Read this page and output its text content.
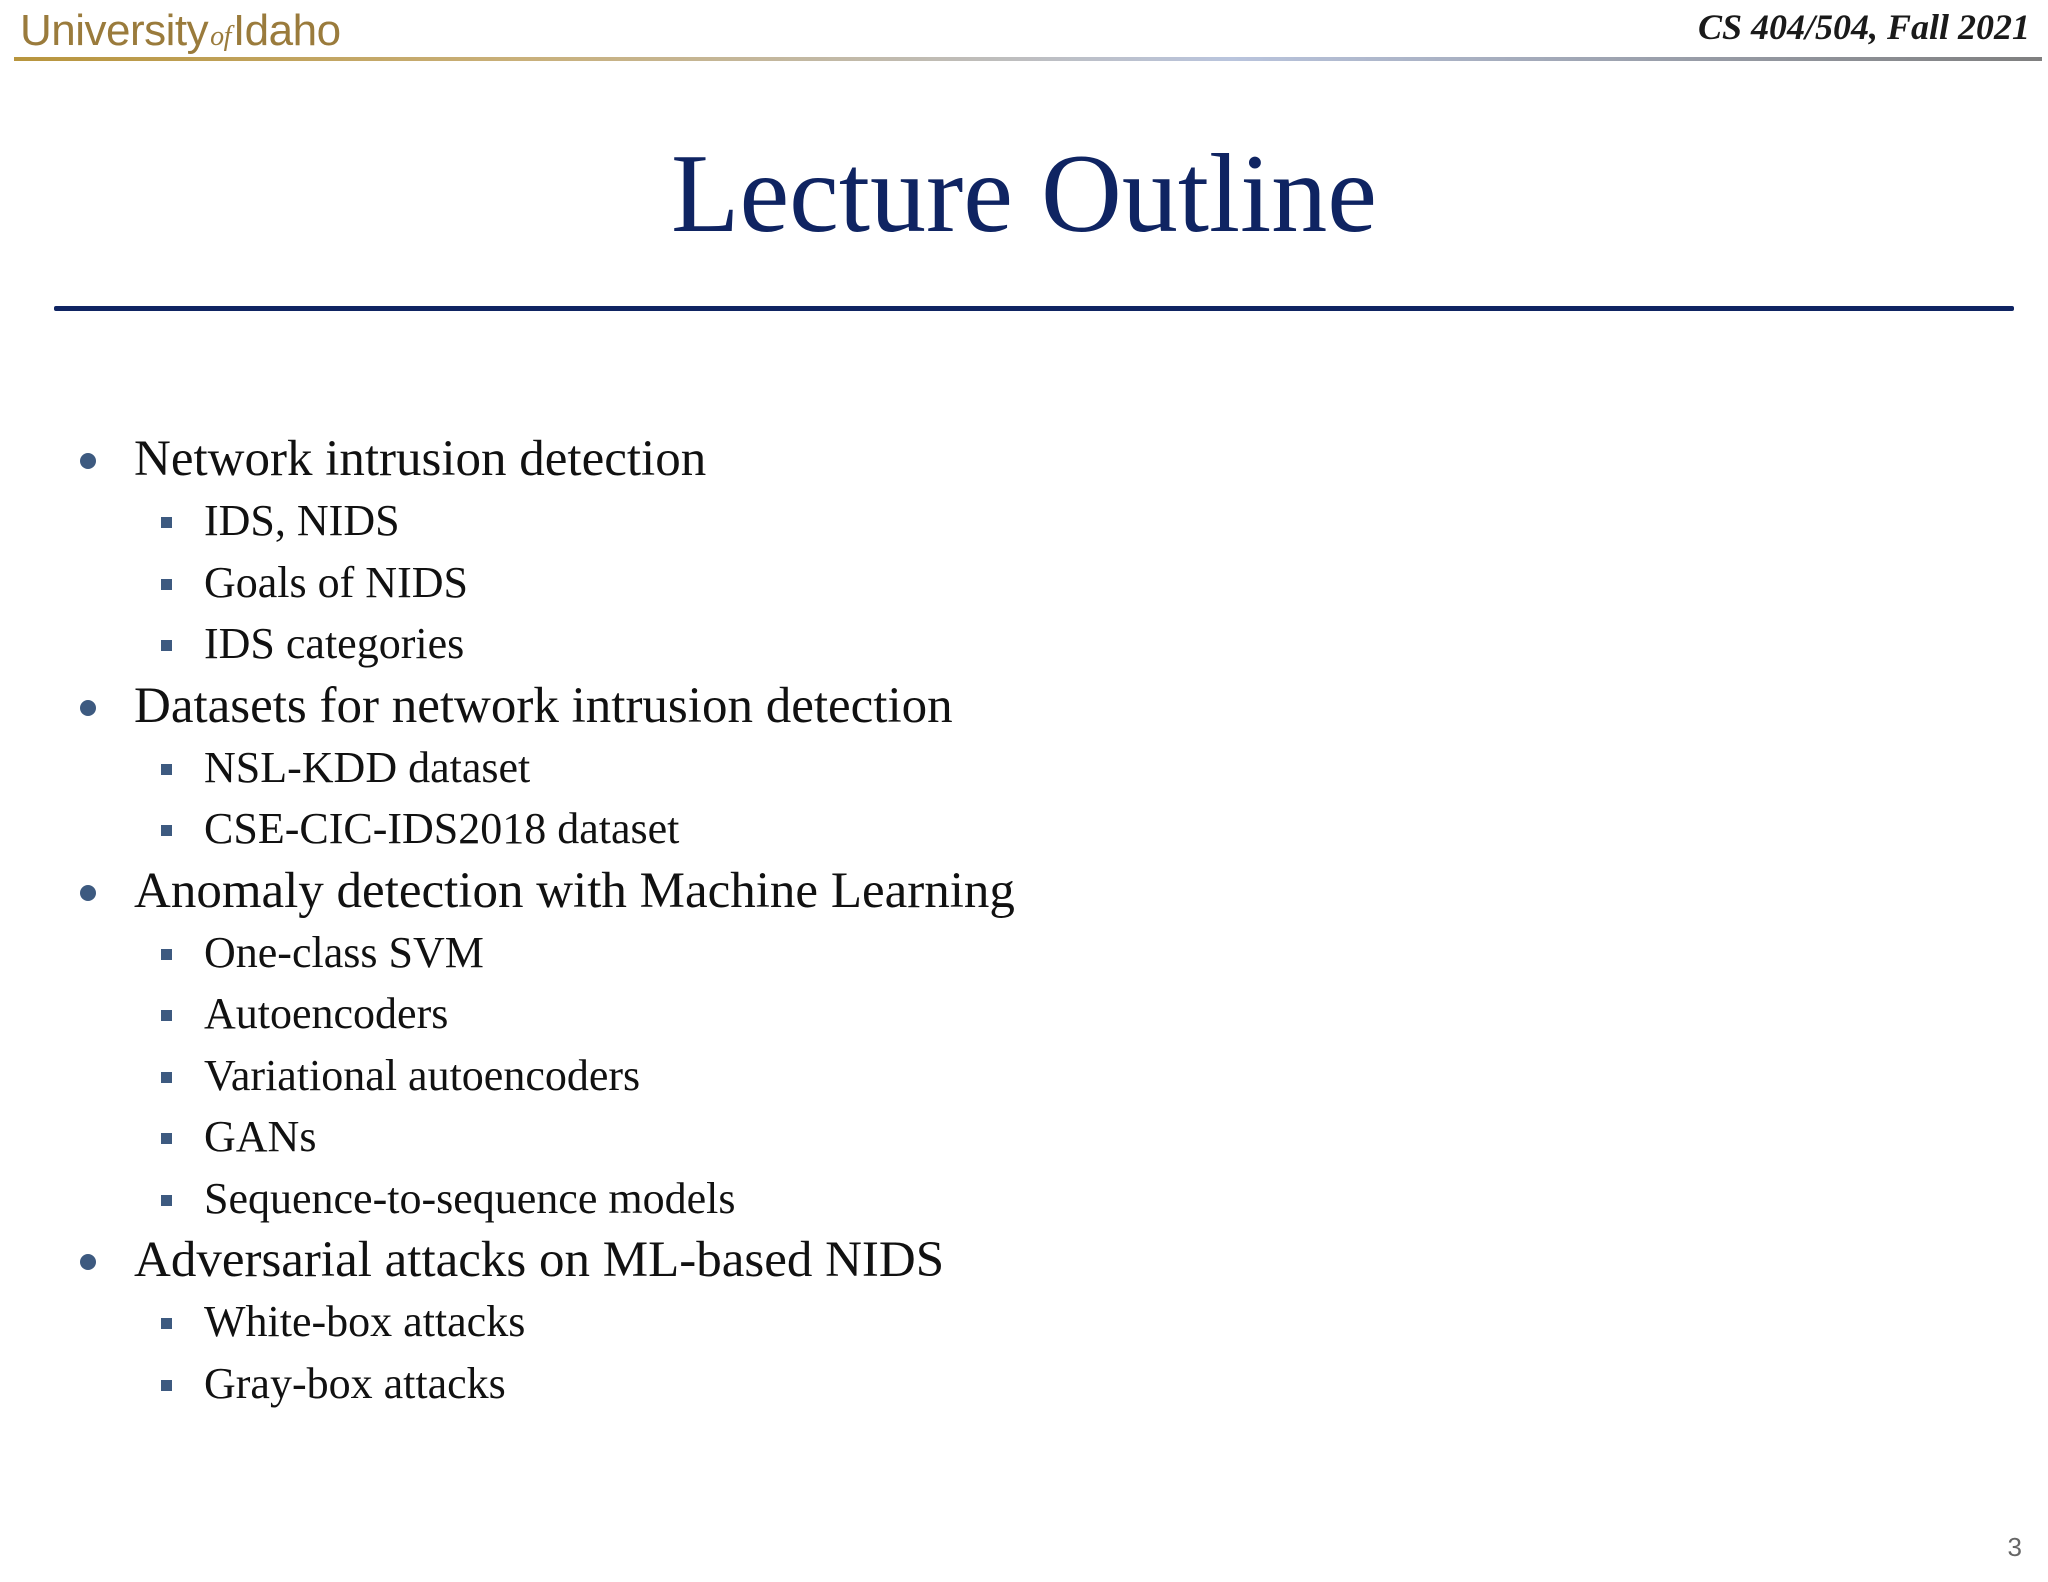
UniversityofIdaho	CS 404/504, Fall 2021
Lecture Outline
Network intrusion detection
IDS, NIDS
Goals of NIDS
IDS categories
Datasets for network intrusion detection
NSL-KDD dataset
CSE-CIC-IDS2018 dataset
Anomaly detection with Machine Learning
One-class SVM
Autoencoders
Variational autoencoders
GANs
Sequence-to-sequence models
Adversarial attacks on ML-based NIDS
White-box attacks
Gray-box attacks
3
